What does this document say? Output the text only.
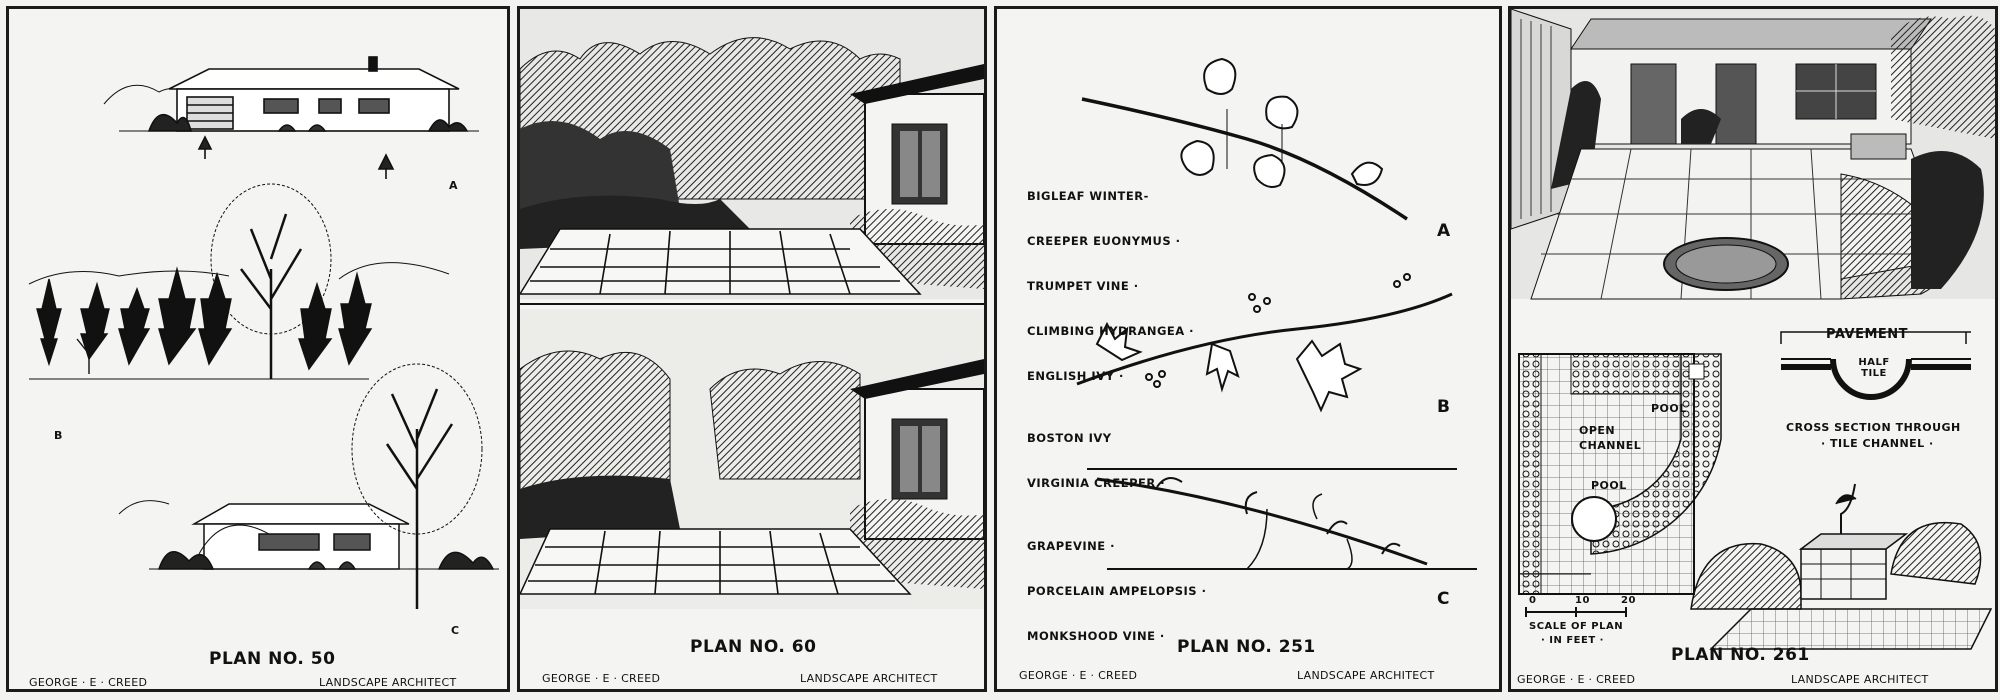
A
B
C
PLAN NO. 50
GEORGE · E · CREED	LANDSCAPE ARCHITECT
PLAN NO. 60
GEORGE · E · CREED	LANDSCAPE ARCHITECT

BIGLEAF WINTER-

CREEPER EUONYMUS ·

TRUMPET VINE ·

CLIMBING HYDRANGEA ·

ENGLISH IVY ·

A

BOSTON IVY

VIRGINIA CREEPER ·

B

GRAPEVINE ·

PORCELAIN AMPELOPSIS ·

MONKSHOOD VINE ·

C
PLAN NO. 251
GEORGE · E · CREED	LANDSCAPE ARCHITECT
PAVEMENT
HALF TILE
CROSS SECTION THROUGH
· TILE CHANNEL ·
POOL
OPEN
CHANNEL
POOL
0	10	20
SCALE OF PLAN
· IN FEET ·
PLAN NO. 261
GEORGE · E · CREED	LANDSCAPE ARCHITECT
